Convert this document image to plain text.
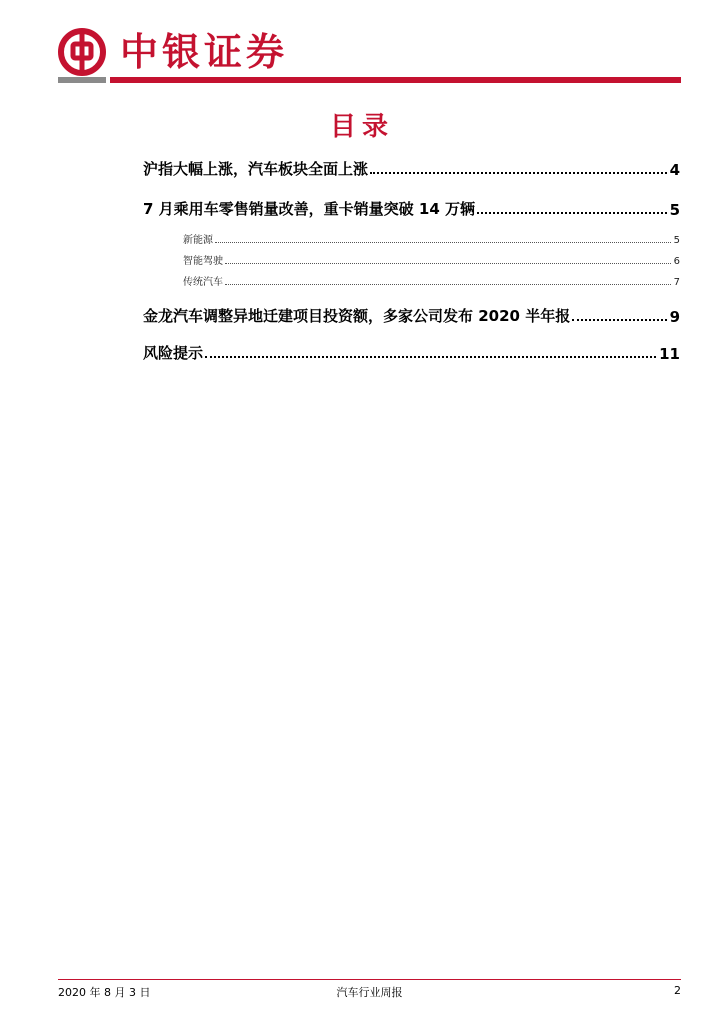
中银证券
目录
沪指大幅上涨，汽车板块全面上涨	4
7 月乘用车零售销量改善，重卡销量突破 14 万辆	5
新能源	5
智能驾驶	6
传统汽车	7
金龙汽车调整异地迁建项目投资额，多家公司发布 2020 半年报	9
风险提示	11
2020 年 8 月 3 日	汽车行业周报	2
